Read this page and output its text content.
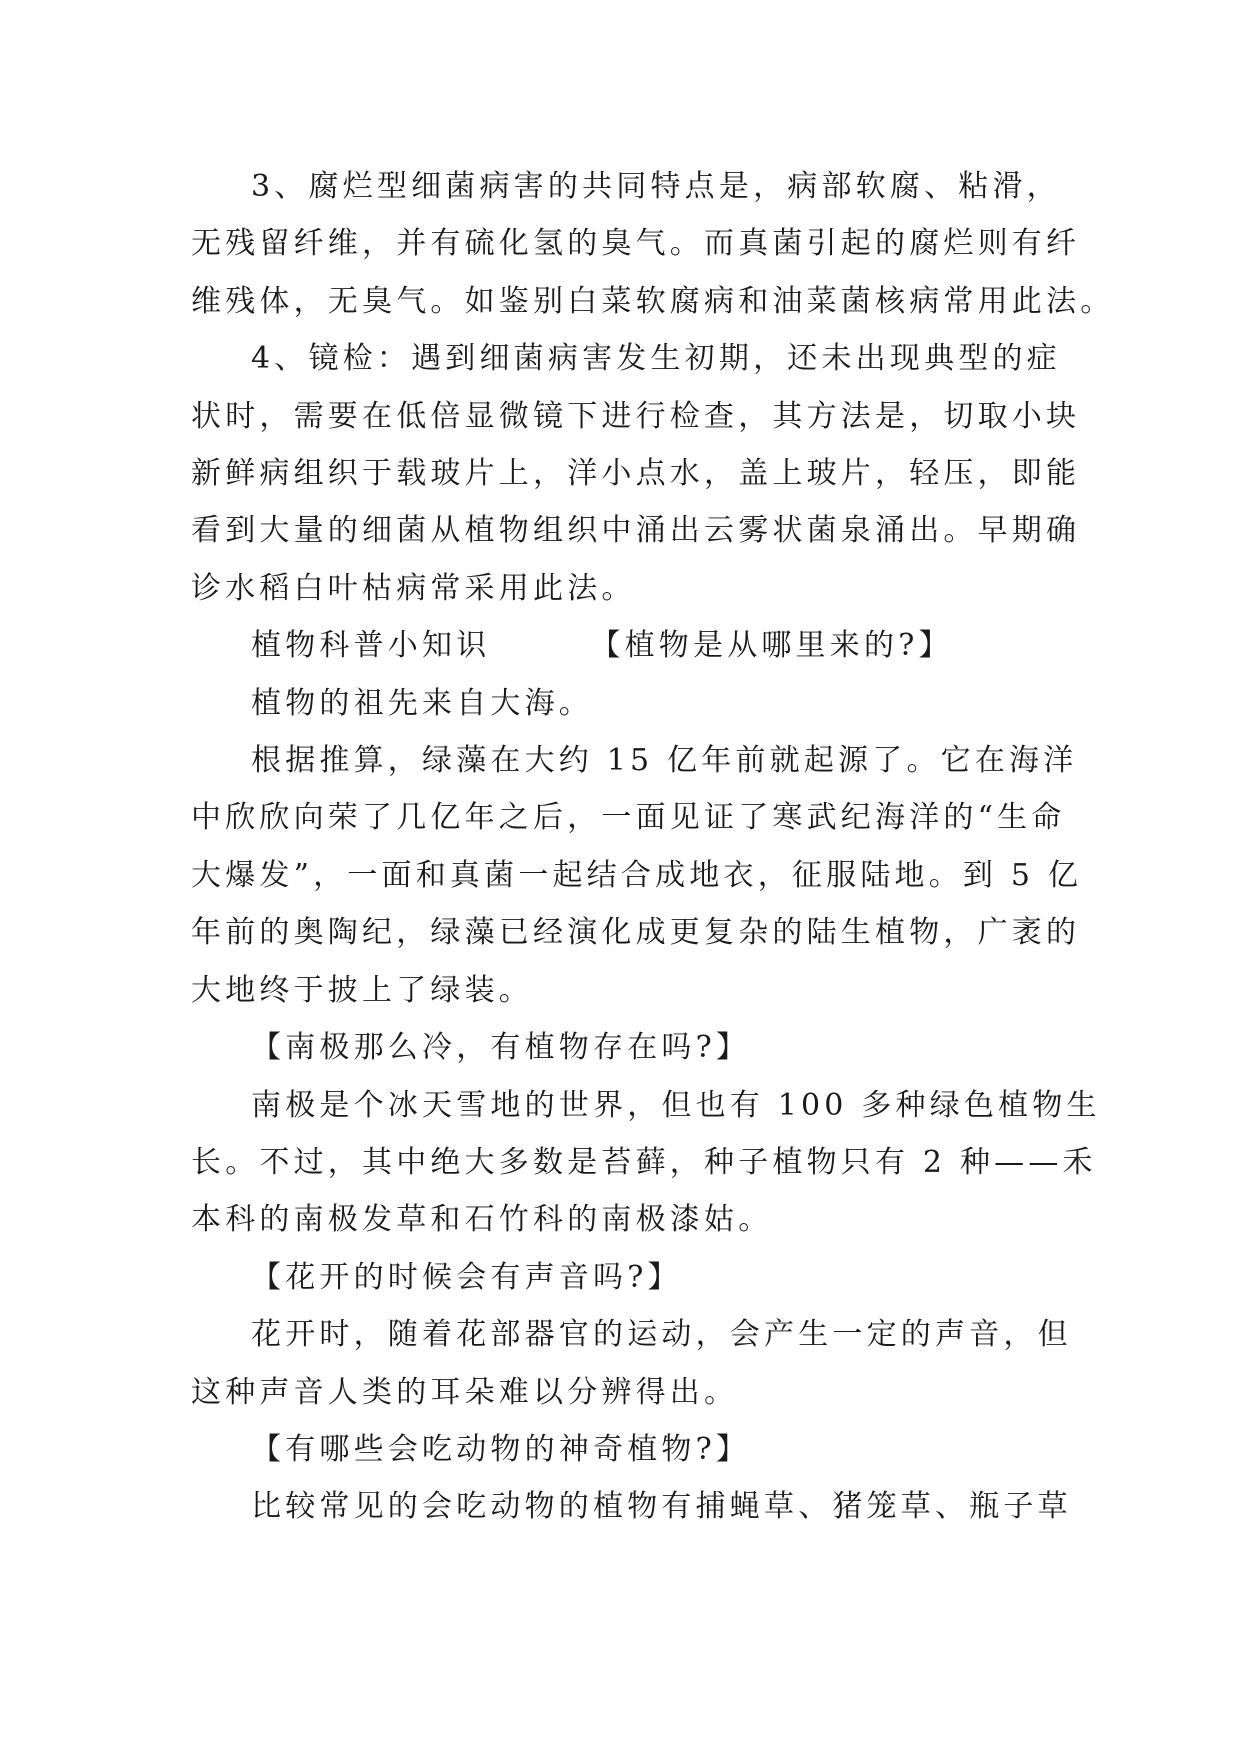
3、腐烂型细菌病害的共同特点是，病部软腐、粘滑，
无残留纤维，并有硫化氢的臭气。而真菌引起的腐烂则有纤
维残体，无臭气。如鉴别白菜软腐病和油菜菌核病常用此法。
4、镜检：遇到细菌病害发生初期，还未出现典型的症
状时，需要在低倍显微镜下进行检查，其方法是，切取小块
新鲜病组织于载玻片上，洋小点水，盖上玻片，轻压，即能
看到大量的细菌从植物组织中涌出云雾状菌泉涌出。早期确
诊水稻白叶枯病常采用此法。
植物科普小知识	【植物是从哪里来的?】
植物的祖先来自大海。
根据推算，绿藻在大约 15 亿年前就起源了。它在海洋
中欣欣向荣了几亿年之后，一面见证了寒武纪海洋的“生命
大爆发”，一面和真菌一起结合成地衣，征服陆地。到 5 亿
年前的奥陶纪，绿藻已经演化成更复杂的陆生植物，广袤的
大地终于披上了绿装。
【南极那么冷，有植物存在吗?】
南极是个冰天雪地的世界，但也有 100 多种绿色植物生
长。不过，其中绝大多数是苔藓，种子植物只有 2 种——禾
本科的南极发草和石竹科的南极漆姑。
【花开的时候会有声音吗?】
花开时，随着花部器官的运动，会产生一定的声音，但
这种声音人类的耳朵难以分辨得出。
【有哪些会吃动物的神奇植物?】
比较常见的会吃动物的植物有捕蝇草、猪笼草、瓶子草
